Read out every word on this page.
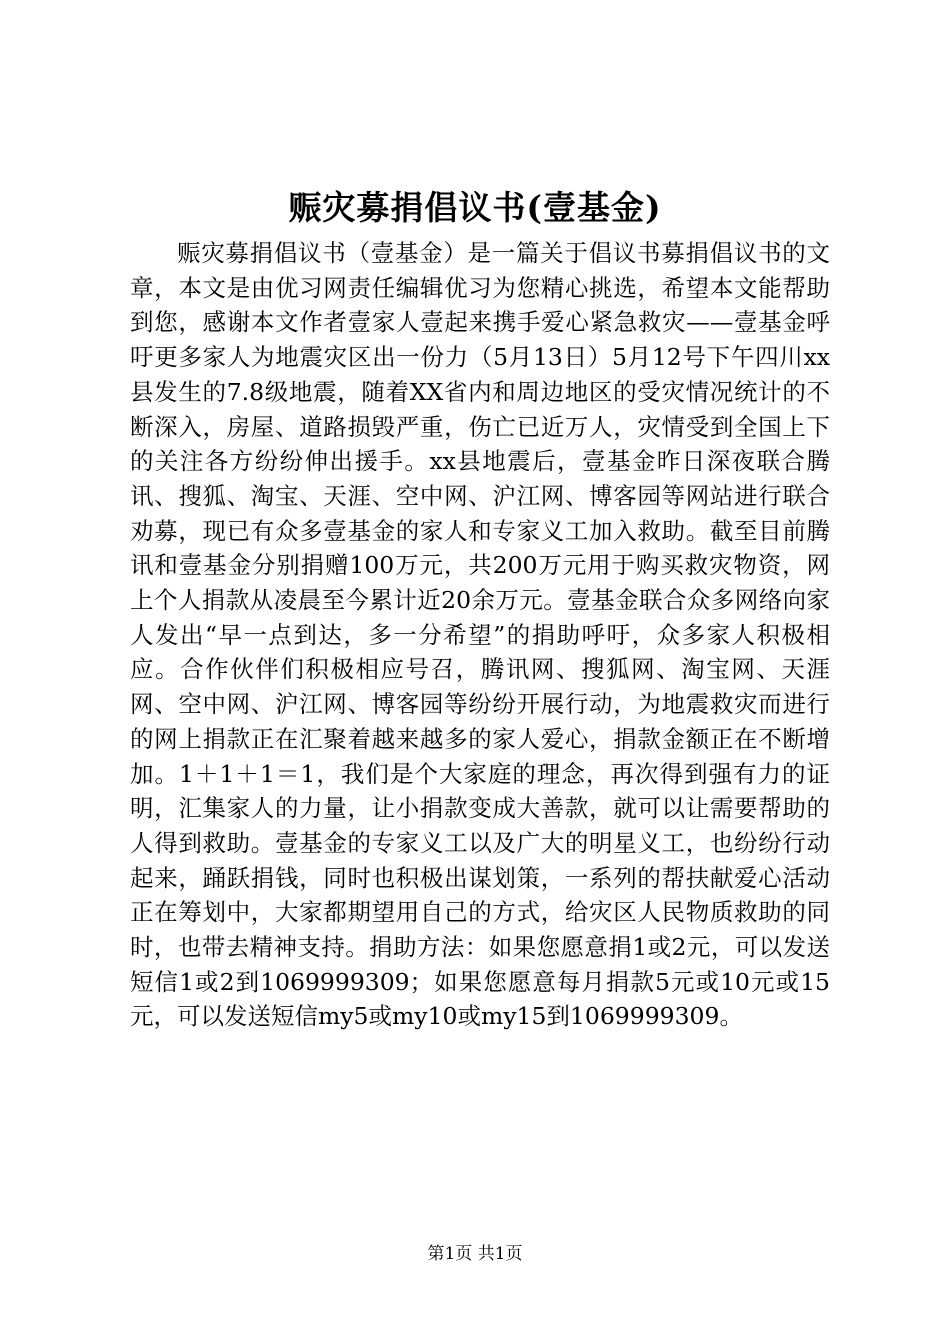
赈灾募捐倡议书(壹基金)

赈灾募捐倡议书（壹基金）是一篇关于倡议书募捐倡议书的文章，本文是由优习网责任编辑优习为您精心挑选，希望本文能帮助到您，感谢本文作者壹家人壹起来携手爱心紧急救灾——壹基金呼吁更多家人为地震灾区出一份力（5月13日）5月12号下午四川xx县发生的7.8级地震，随着XX省内和周边地区的受灾情况统计的不断深入，房屋、道路损毁严重，伤亡已近万人，灾情受到全国上下的关注各方纷纷伸出援手。xx县地震后，壹基金昨日深夜联合腾讯、搜狐、淘宝、天涯、空中网、沪江网、博客园等网站进行联合劝募，现已有众多壹基金的家人和专家义工加入救助。截至目前腾讯和壹基金分别捐赠100万元，共200万元用于购买救灾物资，网上个人捐款从凌晨至今累计近20余万元。壹基金联合众多网络向家人发出“早一点到达，多一分希望”的捐助呼吁，众多家人积极相应。合作伙伴们积极相应号召，腾讯网、搜狐网、淘宝网、天涯网、空中网、沪江网、博客园等纷纷开展行动，为地震救灾而进行的网上捐款正在汇聚着越来越多的家人爱心，捐款金额正在不断增加。1＋1＋1＝1，我们是个大家庭的理念，再次得到强有力的证明，汇集家人的力量，让小捐款变成大善款，就可以让需要帮助的人得到救助。壹基金的专家义工以及广大的明星义工，也纷纷行动起来，踊跃捐钱，同时也积极出谋划策，一系列的帮扶献爱心活动正在筹划中，大家都期望用自己的方式，给灾区人民物质救助的同时，也带去精神支持。捐助方法：如果您愿意捐1或2元，可以发送短信1或2到1069999309；如果您愿意每月捐款5元或10元或15元，可以发送短信my5或my10或my15到1069999309。

第1页 共1页
